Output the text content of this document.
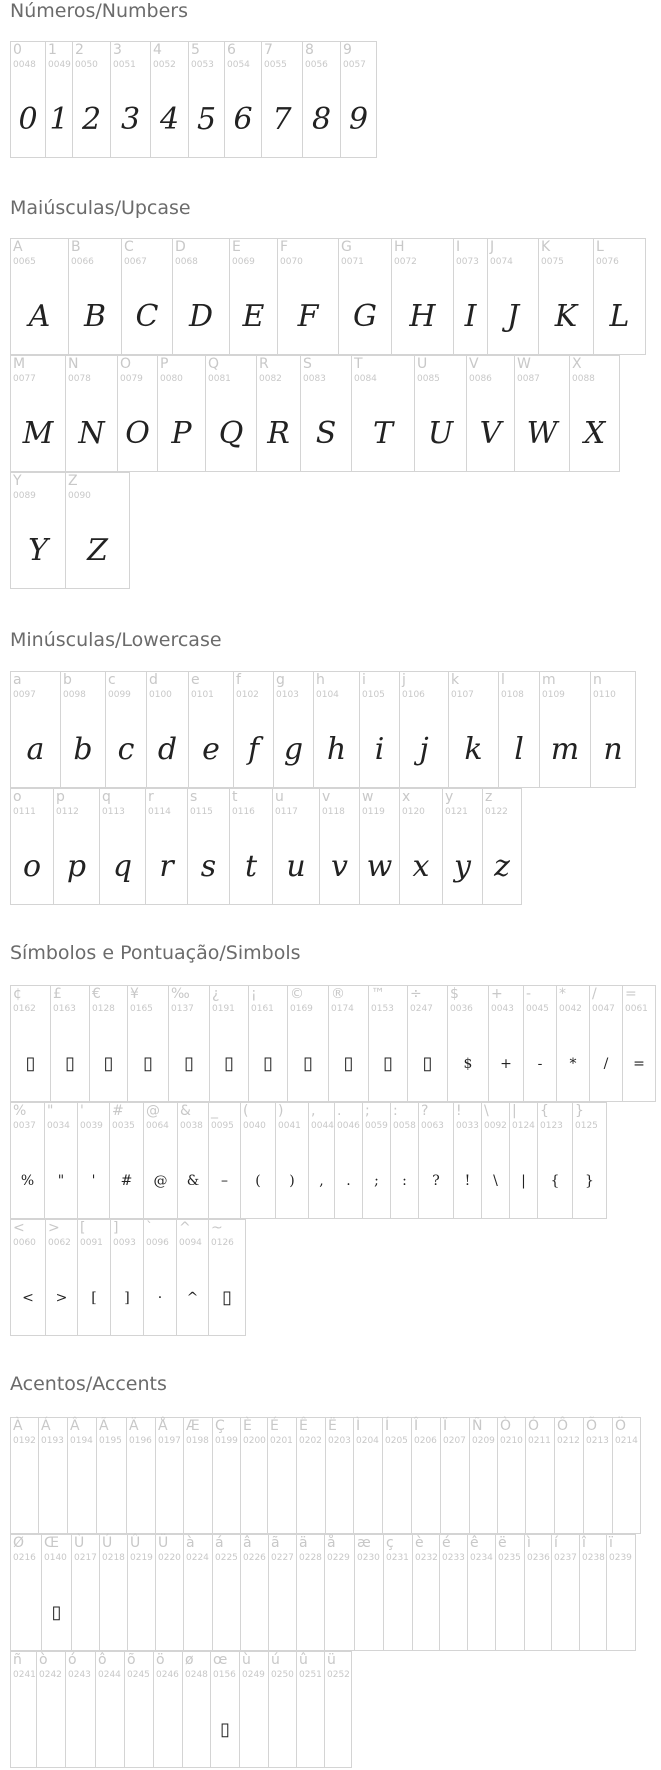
Números/Numbers
0
0048
0
1
0049
1
2
0050
2
3
0051
3
4
0052
4
5
0053
5
6
0054
6
7
0055
7
8
0056
8
9
0057
9
Maiúsculas/Upcase
A
0065
A
B
0066
B
C
0067
C
D
0068
D
E
0069
E
F
0070
F
G
0071
G
H
0072
H
I
0073
I
J
0074
J
K
0075
K
L
0076
L
M
0077
M
N
0078
N
O
0079
O
P
0080
P
Q
0081
Q
R
0082
R
S
0083
S
T
0084
T
U
0085
U
V
0086
V
W
0087
W
X
0088
X
Y
0089
Y
Z
0090
Z
Minúsculas/Lowercase
a
0097
a
b
0098
b
c
0099
c
d
0100
d
e
0101
e
f
0102
f
g
0103
g
h
0104
h
i
0105
i
j
0106
j
k
0107
k
l
0108
l
m
0109
m
n
0110
n
o
0111
o
p
0112
p
q
0113
q
r
0114
r
s
0115
s
t
0116
t
u
0117
u
v
0118
v
w
0119
w
x
0120
x
y
0121
y
z
0122
z
Símbolos e Pontuação/Simbols
¢
0162
▯
£
0163
▯
€
0128
▯
¥
0165
▯
‰
0137
▯
¿
0191
▯
¡
0161
▯
©
0169
▯
®
0174
▯
™
0153
▯
÷
0247
▯
$
0036
$
+
0043
+
-
0045
-
*
0042
*
/
0047
/
=
0061
=
%
0037
%
"
0034
"
'
0039
'
#
0035
#
@
0064
@
&
0038
&
_
0095
–
(
0040
(
)
0041
)
,
0044
,
.
0046
.
;
0059
;
:
0058
:
?
0063
?
!
0033
!
\
0092
\
|
0124
|
{
0123
{
}
0125
}
<
0060
<
>
0062
>
[
0091
[
]
0093
]
`
0096
·
^
0094
^
~
0126
▯
Acentos/Accents
À
0192
Á
0193
Â
0194
Ã
0195
Ä
0196
Å
0197
Æ
0198
Ç
0199
È
0200
É
0201
Ê
0202
Ë
0203
Ì
0204
Í
0205
Î
0206
Ï
0207
Ñ
0209
Ò
0210
Ó
0211
Ô
0212
Õ
0213
Ö
0214
Ø
0216
Œ
0140
▯
Ù
0217
Ú
0218
Û
0219
Ü
0220
à
0224
á
0225
â
0226
ã
0227
ä
0228
å
0229
æ
0230
ç
0231
è
0232
é
0233
ê
0234
ë
0235
ì
0236
í
0237
î
0238
ï
0239
ñ
0241
ò
0242
ó
0243
ô
0244
õ
0245
ö
0246
ø
0248
œ
0156
▯
ù
0249
ú
0250
û
0251
ü
0252
